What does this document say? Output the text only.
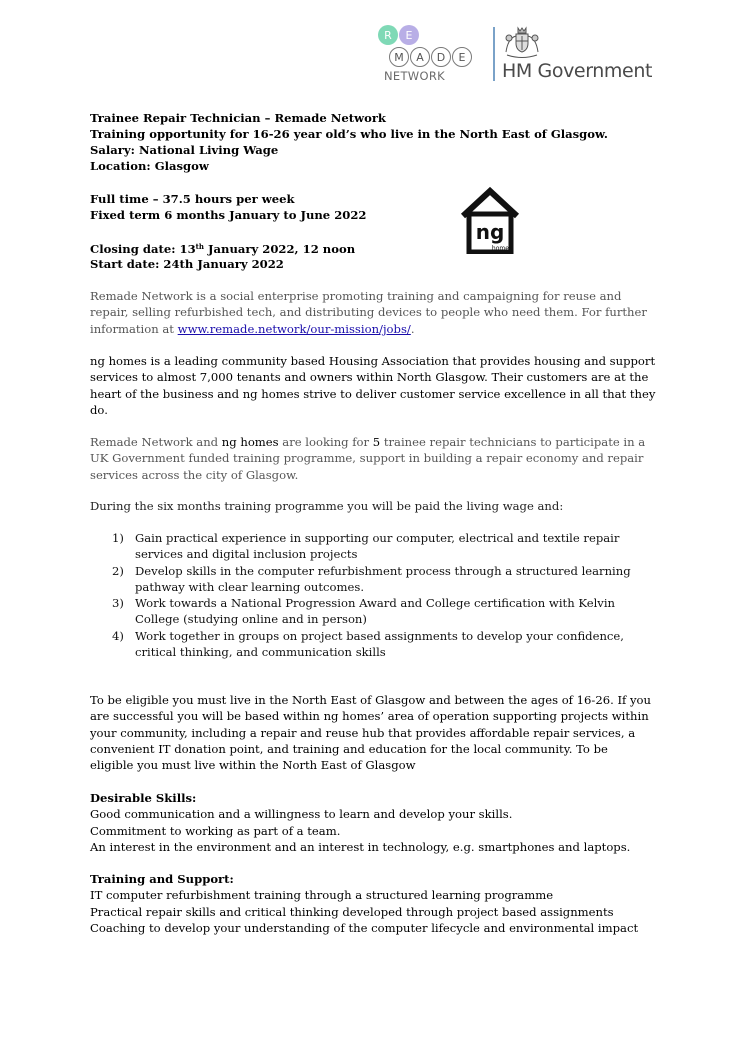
R	E
M	A	D	E
NETWORK	HM Government
Trainee Repair Technician – Remade Network
Training opportunity for 16-26 year old’s who live in the North East of Glasgow.
Salary: National Living Wage
Location: Glasgow
Full time – 37.5 hours per week
Fixed term 6 months January to June 2022
Closing date: 13th January 2022, 12 noon
Start date: 24th January 2022
ng
homes

Remade Network is a social enterprise promoting training and campaigning for reuse and

repair, selling refurbished tech, and distributing devices to people who need them. For further

information at www.remade.network/our-mission/jobs/.

ng homes is a leading community based Housing Association that provides housing and support

services to almost 7,000 tenants and owners within North Glasgow. Their customers are at the

heart of the business and ng homes strive to deliver customer service excellence in all that they

do.

Remade Network and ng homes are looking for 5 trainee repair technicians to participate in a

UK Government funded training programme, support in building a repair economy and repair

services across the city of Glasgow.

During the six months training programme you will be paid the living wage and:

1) Gain practical experience in supporting our computer, electrical and textile repair
services and digital inclusion projects
2) Develop skills in the computer refurbishment process through a structured learning
pathway with clear learning outcomes.
3) Work towards a National Progression Award and College certification with Kelvin
College (studying online and in person)
4) Work together in groups on project based assignments to develop your confidence,
critical thinking, and communication skills

To be eligible you must live in the North East of Glasgow and between the ages of 16-26. If you

are successful you will be based within ng homes’ area of operation supporting projects within

your community, including a repair and reuse hub that provides affordable repair services, a

convenient IT donation point, and training and education for the local community. To be

eligible you must live within the North East of Glasgow

Desirable Skills:

Good communication and a willingness to learn and develop your skills.

Commitment to working as part of a team.

An interest in the environment and an interest in technology, e.g. smartphones and laptops.

Training and Support:

IT computer refurbishment training through a structured learning programme

Practical repair skills and critical thinking developed through project based assignments

Coaching to develop your understanding of the computer lifecycle and environmental impact
